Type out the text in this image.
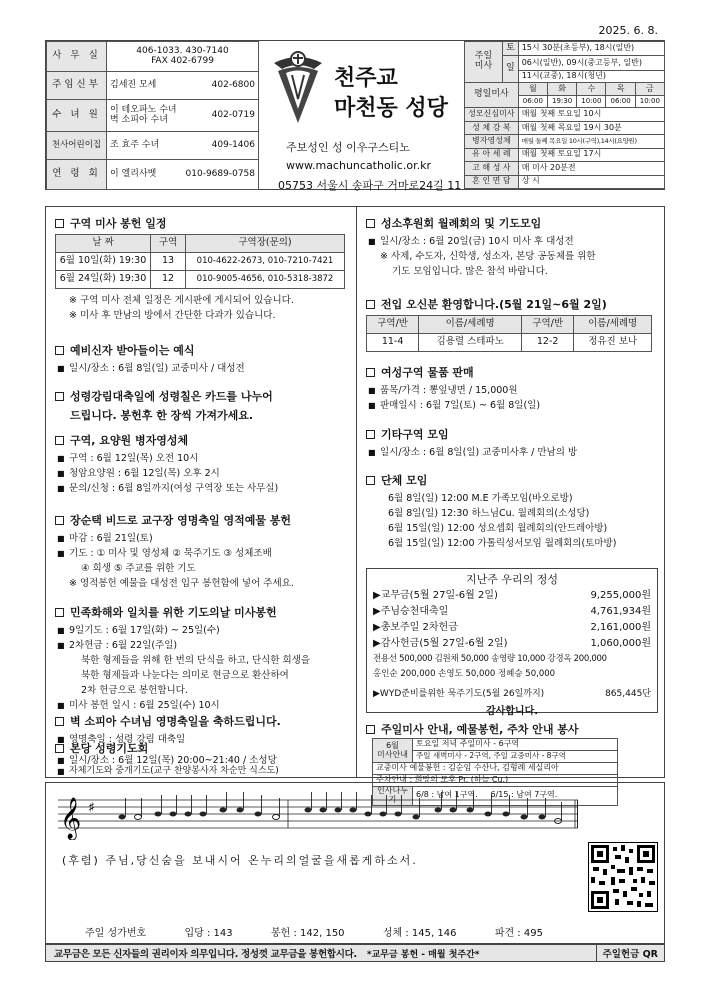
2025. 6. 8.
사 무 실	406-1033. 430-7140
FAX 402-6799

주임신부	김세진 모세 402-6800

수 녀 원	이 테오파노 수녀
벽 소피아 수녀 402-0719

천사어린이집	조 효주 수녀 409-1406

연 령 회	이 엘리사벳 010-9689-0758
천주교
마천동 성당
주보성인 성 이우구스티노
www.machuncatholic.or.kr
05753 서울시 송파구 거마로24길 11
주일
미사	토	15시 30분(초등부), 18시(일반)				
	일	06시(일반), 09시(중고등부, 일반)				
		11시(교중), 18시(청년)				
평일미사		월	화	수	목	금
		06:00	19:30	10:00	06:00	10:00
성모신심미사		매월 첫째 토요일 10시				
성 체 강 복		매월 첫째 목요일 19시 30분				
병자영성체		매월 둘째 목요일 10시(구역),14시(요양원)				
유 아 세 례		매월 첫째 토요일 17시				
고 해 성 사		매 미사 20분전				
혼 인 면 담		상 시				
구역 미사 봉헌 일정
날 짜	구역	구역장(문의)
6월 10일(화) 19:30	13	010-4622-2673, 010-7210-7421
6월 24일(화) 19:30	12	010-9005-4656, 010-5318-3872
※ 구역 미사 전체 일정은 게시판에 게시되어 있습니다.
※ 미사 후 만남의 방에서 간단한 다과가 있습니다.
예비신자 받아들이는 예식
■ 일시/장소 : 6월 8일(일) 교중미사 / 대성전
성령강림대축일에 성령칠은 카드를 나누어
드립니다. 봉헌후 한 장씩 가져가세요.
구역, 요양원 병자영성체
■ 구역 : 6월 12일(목) 오전 10시
■ 청암요양원 : 6월 12일(목) 오후 2시
■ 문의/신청 : 6월 8일까지(여성 구역장 또는 사무실)
장순택 비드로 교구장 영명축일 영적예물 봉헌
■ 마감 : 6월 21일(토)
■ 기도 : ① 미사 및 영성체 ② 묵주기도 ③ 성체조배
④ 희생 ⑤ 주교를 위한 기도
※ 영적봉헌 예물을 대성전 입구 봉헌함에 넣어 주세요.
민족화해와 일치를 위한 기도의날 미사봉헌
■ 9일기도 : 6월 17일(화) ~ 25일(수)
■ 2차헌금 : 6월 22일(주일)
북한 형제들을 위해 한 번의 단식을 하고, 단식한 희생을
북한 형제들과 나눈다는 의미로 현금으로 환산하여
2차 헌금으로 봉헌합니다.
■ 미사 봉헌 일시 : 6월 25일(수) 10시
벽 소피아 수녀님 영명축일을 축하드립니다.
■ 영명축일 : 성령 강림 대축일
본당 성령기도회
■ 일시/장소 : 6월 12일(목) 20:00~21:40 / 소성당
■ 자체기도와 중개기도(교구 찬양봉사자 차순만 식스도)
성소후원회 월례회의 및 기도모임
■ 일시/장소 : 6월 20일(금) 10시 미사 후 대성전
※ 사제, 수도자, 신학생, 성소자, 본당 공동체를 위한
기도 모임입니다. 많은 참석 바랍니다.
전입 오신분 환영합니다.(5월 21일~6월 2일)
구역/반	이름/세례명	구역/반	이름/세례명
11-4	김용렬 스테파노	12-2	정유진 보나
여성구역 물품 판매
■ 품목/가격 : 뽕잎냉면 / 15,000원
■ 판매일시 : 6월 7일(토) ~ 6월 8일(일)
기타구역 모임
■ 일시/장소 : 6월 8일(일) 교중미사후 / 만남의 방
단체 모임
6월 8일(일) 12:00 M.E 가족모임(바오로방)
6월 8일(일) 12:30 하느님Cu. 월례회의(소성당)
6월 15일(일) 12:00 성요셉회 월례회의(안드레아방)
6월 15일(일) 12:00 가톨릭성서모임 월례회의(토마방)
지난주 우리의 정성
▶교무금(5월 27일-6월 2일)	9,255,000원
▶주님승천대축일	4,761,934원
▶총보주일 2차헌금	2,161,000원
▶감사헌금(5월 27일-6월 2일)	1,060,000원
전용선 500,000 김원채 50,000 송영량 10,000 강경옥 200,000
홍인순 200,000 손영도 50,000 정혜승 50,000
▶WYD준비를위한 묵주기도(5월 26일까지)	865,445단
감사합니다.
주일미사 안내, 예물봉헌, 주차 안내 봉사
6월
미사안내	토요일 저녁 주일미사 - 6구역
	주일 새벽미사 - 2구역, 주일 교중미사 - 8구역
교중미사 예물봉헌 : 김순임 수산나, 김형례 세실리아	
주차안내 : 희망의 모후 Pr. (하늘 Cu.)	
인사나누기	6/8 : 남여 1구역. 6/15 : 남여 7구역.
𝄞 ♯
(후렴) 주님,당신숨을 보내시어 온누리의얼굴을새롭게하소서.
주일 성가번호	입당 : 143	봉헌 : 142, 150	성체 : 145, 146	파견 : 495
교무금은 모든 신자들의 권리이자 의무입니다. 정성껏 교무금을 봉헌합시다.	*교무금 봉헌 - 매월 첫주간*	주일헌금 QR
